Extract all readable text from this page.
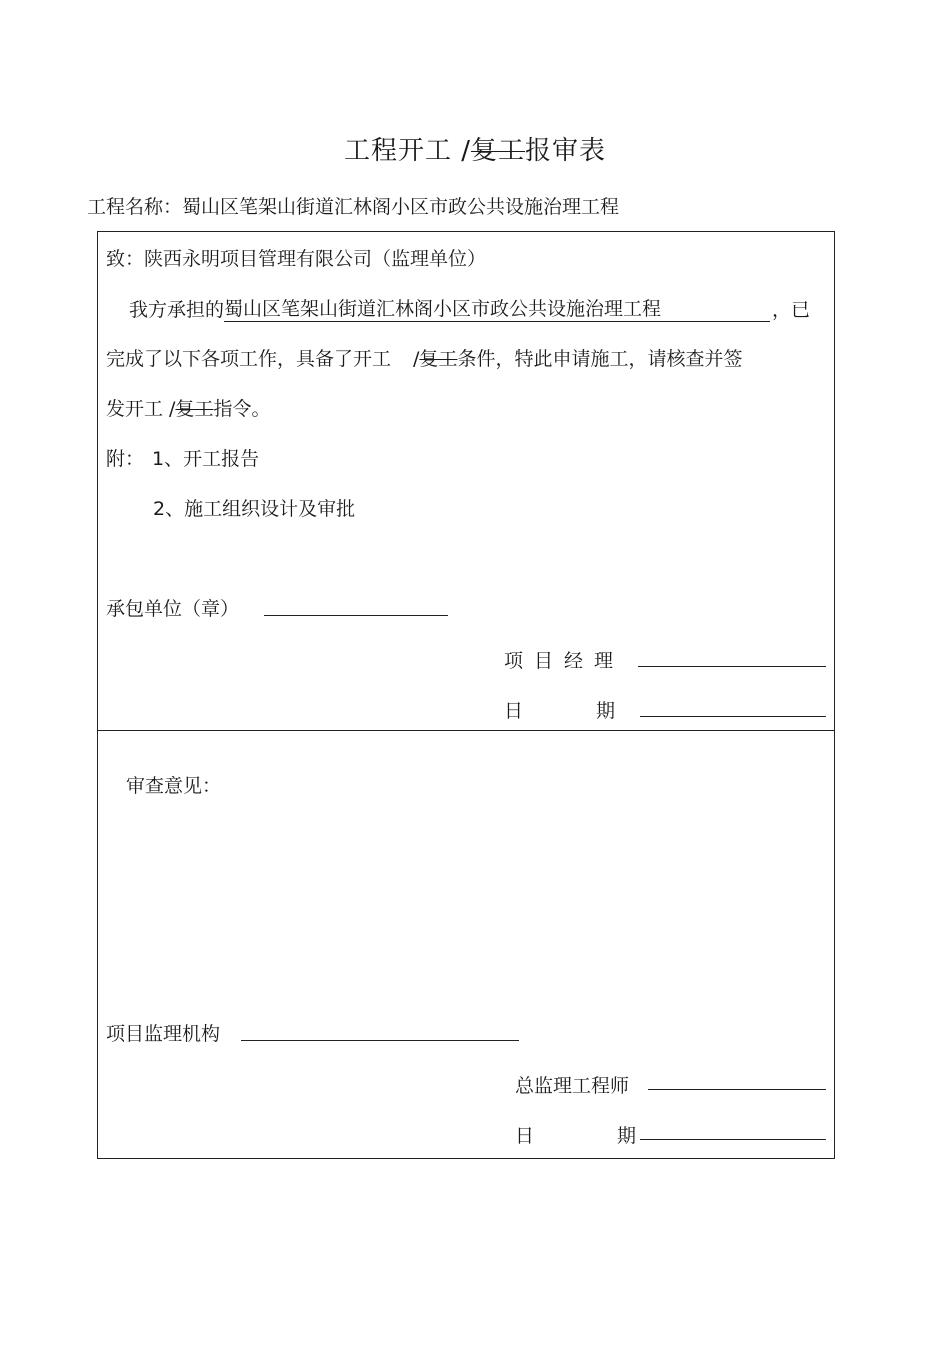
工程开工 /复工报审表
工程名称：蜀山区笔架山街道汇林阁小区市政公共设施治理工程
致：陕西永明项目管理有限公司（监理单位）
我方承担的蜀山区笔架山街道汇林阁小区市政公共设施治理工程	，已
完成了以下各项工作，具备了开工 /复工条件，特此申请施工，请核查并签
发开工 /复工指令。
附： 1、开工报告
2、施工组织设计及审批
承包单位（章）
项目经理
日期
审查意见：
项目监理机构
总监理工程师
日期
